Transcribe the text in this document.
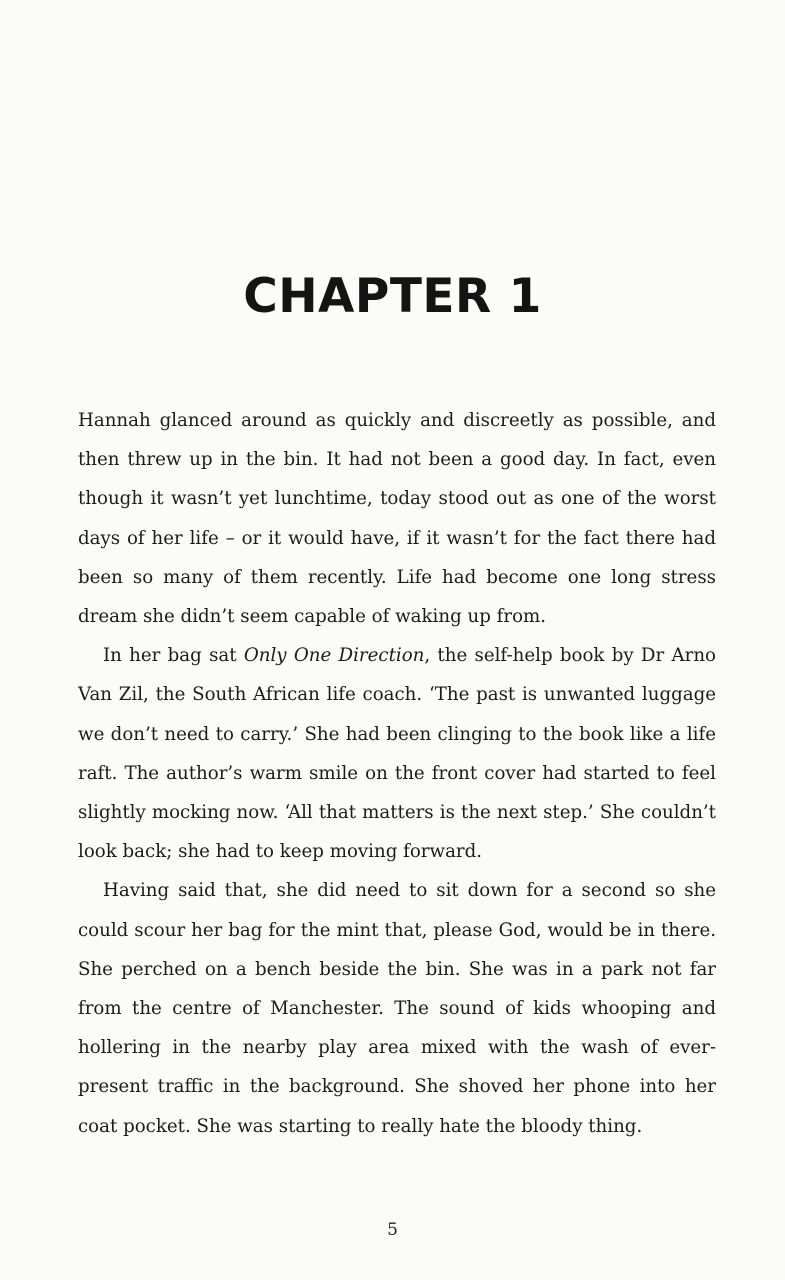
CHAPTER 1

Hannah glanced around as quickly and discreetly as possible, and then threw up in the bin. It had not been a good day. In fact, even though it wasn’t yet lunchtime, today stood out as one of the worst days of her life – or it would have, if it wasn’t for the fact there had been so many of them recently. Life had become one long stress dream she didn’t seem capable of waking up from.

In her bag sat Only One Direction, the self-help book by Dr Arno Van Zil, the South African life coach. ‘The past is unwanted luggage we don’t need to carry.’ She had been clinging to the book like a life raft. The author’s warm smile on the front cover had started to feel slightly mocking now. ‘All that matters is the next step.’ She couldn’t look back; she had to keep moving forward.

Having said that, she did need to sit down for a second so she could scour her bag for the mint that, please God, would be in there. She perched on a bench beside the bin. She was in a park not far from the centre of Manchester. The sound of kids whooping and hollering in the nearby play area mixed with the wash of ever-present traffic in the background. She shoved her phone into her coat pocket. She was starting to really hate the bloody thing.

5
